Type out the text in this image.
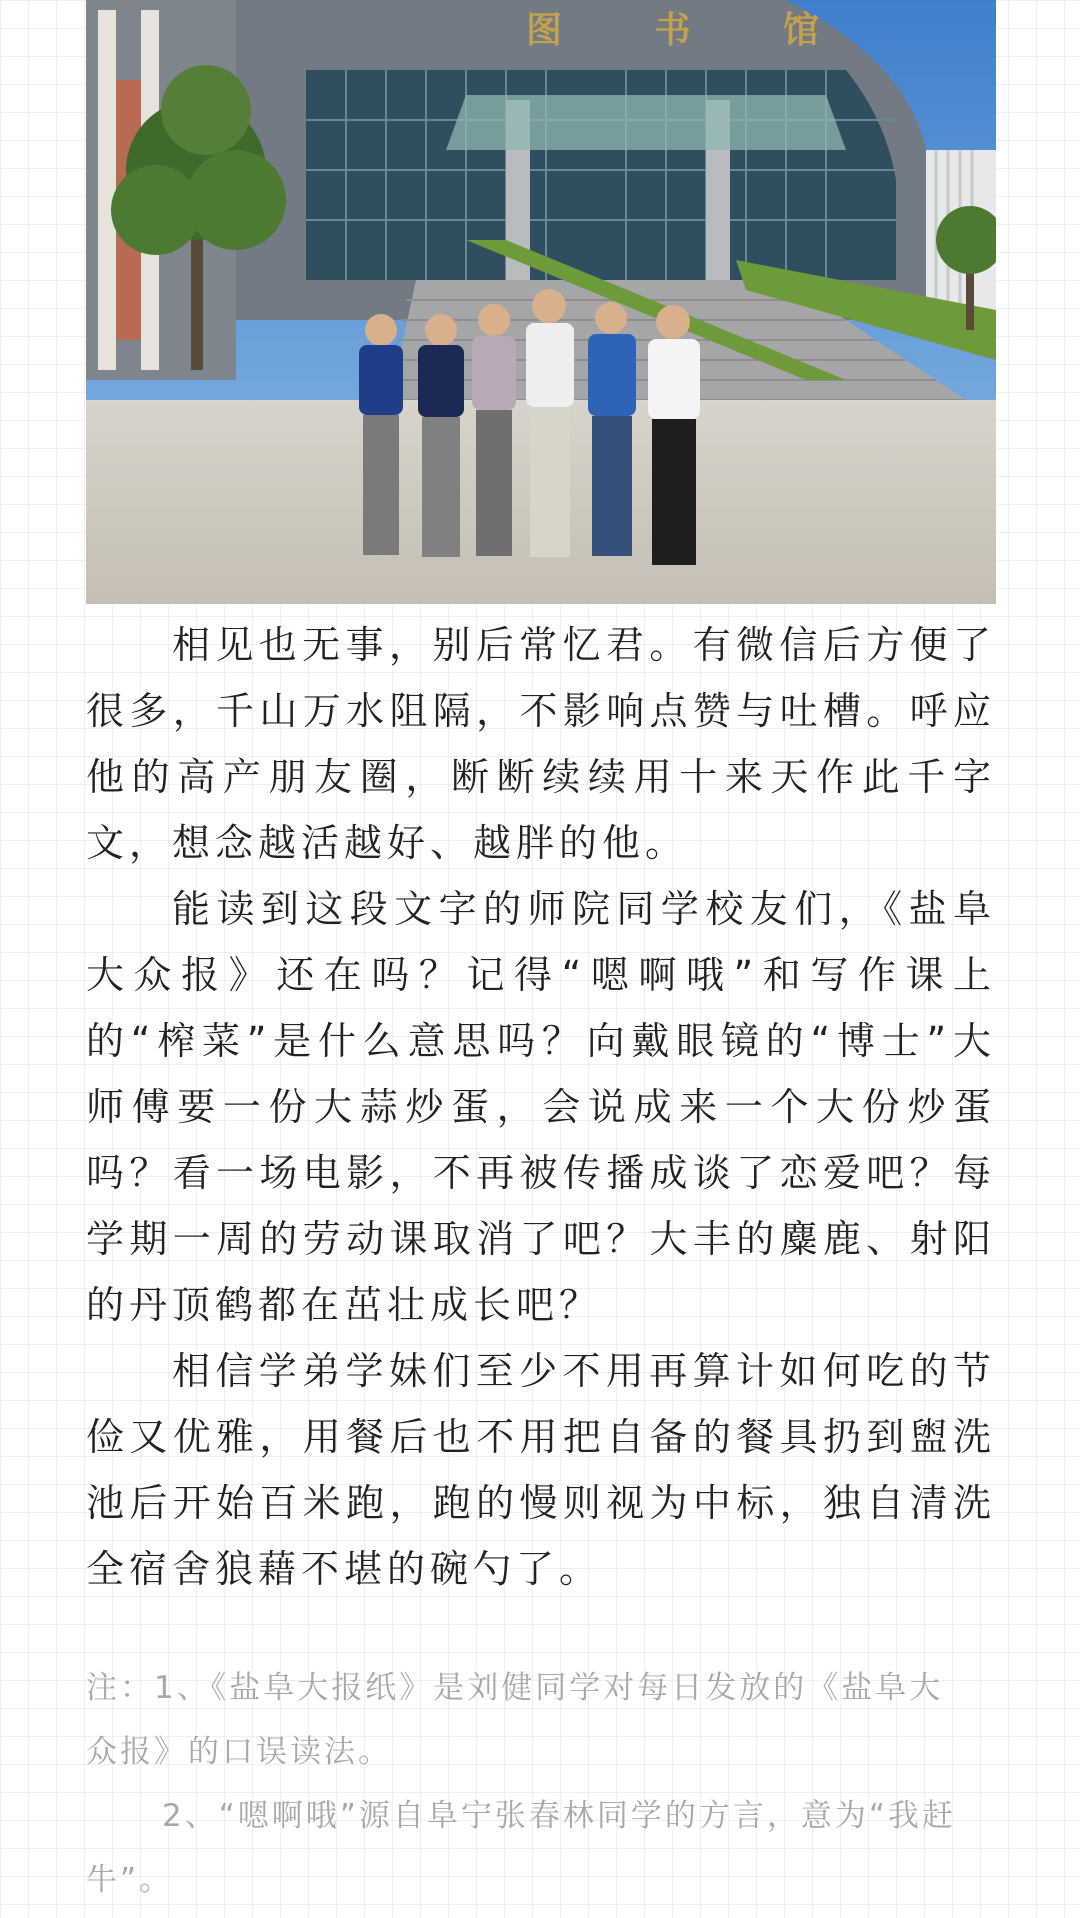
图 书 馆

相见也无事，别后常忆君。有微信后方便了很多，千山万水阻隔，不影响点赞与吐槽。呼应他的高产朋友圈，断断续续用十来天作此千字文，想念越活越好、越胖的他。

能读到这段文字的师院同学校友们，《盐阜大众报》还在吗？记得“嗯啊哦”和写作课上的“榨菜”是什么意思吗？向戴眼镜的“博士”大师傅要一份大蒜炒蛋，会说成来一个大份炒蛋吗？看一场电影，不再被传播成谈了恋爱吧？每学期一周的劳动课取消了吧？大丰的麋鹿、射阳的丹顶鹤都在茁壮成长吧？

相信学弟学妹们至少不用再算计如何吃的节俭又优雅，用餐后也不用把自备的餐具扔到盥洗池后开始百米跑，跑的慢则视为中标，独自清洗全宿舍狼藉不堪的碗勺了。

注：1、《盐阜大报纸》是刘健同学对每日发放的《盐阜大众报》的口误读法。

2、“嗯啊哦”源自阜宁张春林同学的方言，意为“我赶牛”。
